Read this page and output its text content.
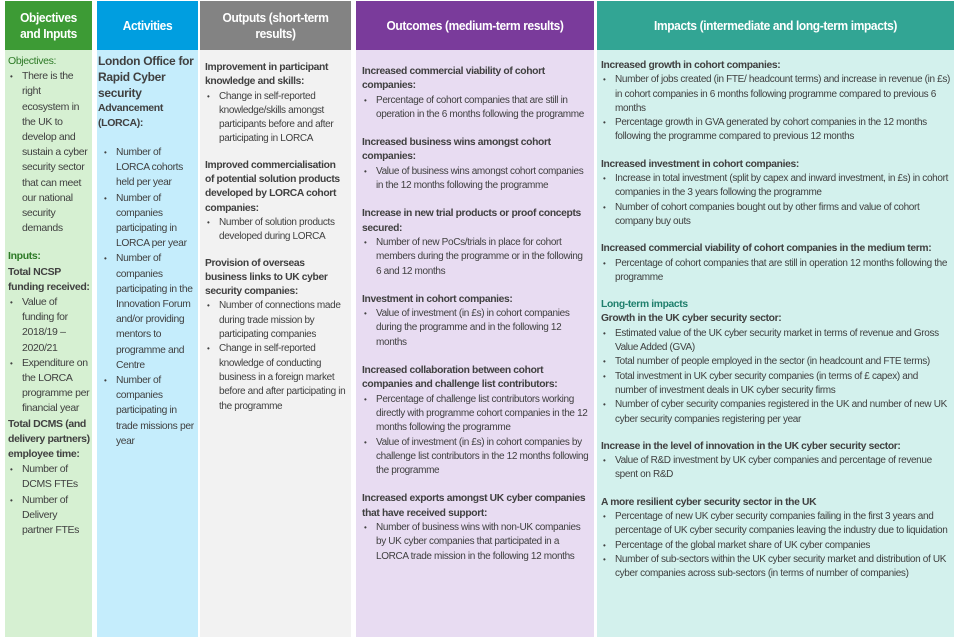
Objectives and Inputs
Objectives:
• There is the right ecosystem in the UK to develop and sustain a cyber security sector that can meet our national security demands
Inputs:
Total NCSP funding received:
• Value of funding for 2018/19 – 2020/21
• Expenditure on the LORCA programme per financial year
Total DCMS (and delivery partners) employee time:
• Number of DCMS FTEs
• Number of Delivery partner FTEs
Activities
London Office for Rapid Cyber security
Advancement (LORCA):
• Number of LORCA cohorts held per year
• Number of companies participating in LORCA per year
• Number of companies participating in the Innovation Forum and/or providing mentors to programme and Centre
• Number of companies participating in trade missions per year
Outputs (short-term results)
Improvement in participant knowledge and skills:
• Change in self-reported knowledge/skills amongst participants before and after participating in LORCA
Improved commercialisation of potential solution products developed by LORCA cohort companies:
• Number of solution products developed during LORCA
Provision of overseas business links to UK cyber security companies:
• Number of connections made during trade mission by participating companies
• Change in self-reported knowledge of conducting business in a foreign market before and after participating in the programme
Outcomes (medium-term results)
Increased commercial viability of cohort companies:
• Percentage of cohort companies that are still in operation in the 6 months following the programme
Increased business wins amongst cohort companies:
• Value of business wins amongst cohort companies in the 12 months following the programme
Increase in new trial products or proof concepts secured:
• Number of new PoCs/trials in place for cohort members during the programme or in the following 6 and 12 months
Investment in cohort companies:
• Value of investment (in £s) in cohort companies during the programme and in the following 12 months
Increased collaboration between cohort companies and challenge list contributors:
• Percentage of challenge list contributors working directly with programme cohort companies in the 12 months following the programme
• Value of investment (in £s) in cohort companies by challenge list contributors in the 12 months following the programme
Increased exports amongst UK cyber companies that have received support:
• Number of business wins with non-UK companies by UK cyber companies that participated in a LORCA trade mission in the following 12 months
Impacts (intermediate and long-term impacts)
Increased growth in cohort companies:
• Number of jobs created (in FTE/ headcount terms) and increase in revenue (in £s) in cohort companies in 6 months following programme compared to previous 6 months
• Percentage growth in GVA generated by cohort companies in the 12 months following the programme compared to previous 12 months
Increased investment in cohort companies:
• Increase in total investment (split by capex and inward investment, in £s) in cohort companies in the 3 years following the programme
• Number of cohort companies bought out by other firms and value of cohort company buy outs
Increased commercial viability of cohort companies in the medium term:
• Percentage of cohort companies that are still in operation 12 months following the programme
Long-term impacts
Growth in the UK cyber security sector:
• Estimated value of the UK cyber security market in terms of revenue and Gross Value Added (GVA)
• Total number of people employed in the sector (in headcount and FTE terms)
• Total investment in UK cyber security companies (in terms of £ capex) and number of investment deals in UK cyber security firms
• Number of cyber security companies registered in the UK and number of new UK cyber security companies registering per year
Increase in the level of innovation in the UK cyber security sector:
• Value of R&D investment by UK cyber companies and percentage of revenue spent on R&D
A more resilient cyber security sector in the UK
• Percentage of new UK cyber security companies failing in the first 3 years and percentage of UK cyber security companies leaving the industry due to liquidation
• Percentage of the global market share of UK cyber companies
• Number of sub-sectors within the UK cyber security market and distribution of UK cyber companies across sub-sectors (in terms of number of companies)
